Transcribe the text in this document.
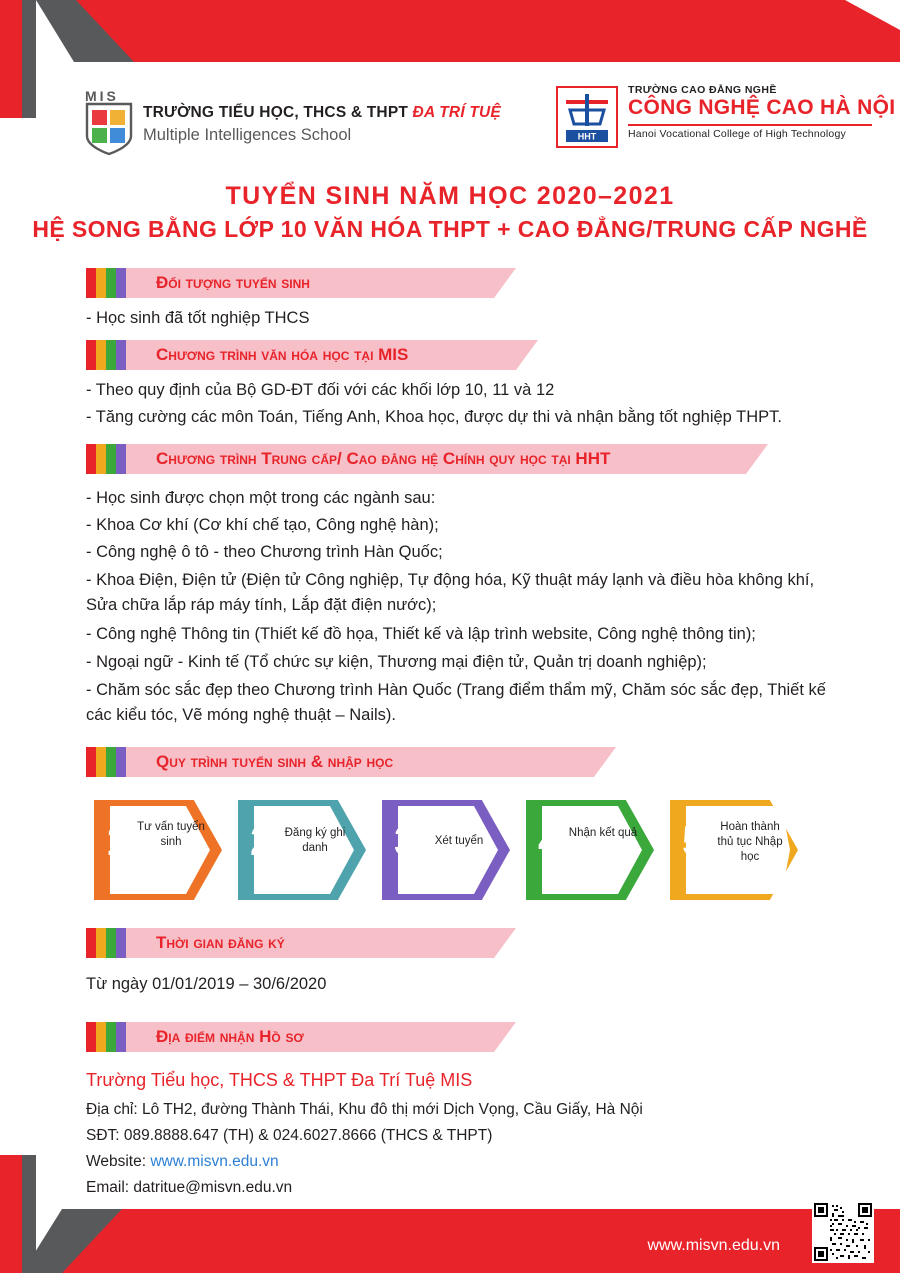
MIS
TRƯỜNG TIỂU HỌC, THCS & THPT ĐA TRÍ TUỆ
Multiple Intelligences School	HHT
TRƯỜNG CAO ĐẲNG NGHỀ
CÔNG NGHỆ CAO HÀ NỘI
Hanoi Vocational College of High Technology
TUYỂN SINH NĂM HỌC 2020–2021
HỆ SONG BẰNG LỚP 10 VĂN HÓA THPT + CAO ĐẲNG/TRUNG CẤP NGHỀ
Đối tượng tuyển sinh
- Học sinh đã tốt nghiệp THCS
Chương trình văn hóa học tại MIS
- Theo quy định của Bộ GD-ĐT đối với các khối lớp 10, 11 và 12
- Tăng cường các môn Toán, Tiếng Anh, Khoa học, được dự thi và nhận bằng tốt nghiệp THPT.
Chương trình Trung cấp/ Cao đẳng hệ Chính quy học tại HHT
- Học sinh được chọn một trong các ngành sau:
- Khoa Cơ khí (Cơ khí chế tạo, Công nghệ hàn);
- Công nghệ ô tô - theo Chương trình Hàn Quốc;
- Khoa Điện, Điện tử (Điện tử Công nghiệp, Tự động hóa, Kỹ thuật máy lạnh và điều hòa không khí, Sửa chữa lắp ráp máy tính, Lắp đặt điện nước);
- Công nghệ Thông tin (Thiết kế đồ họa, Thiết kế và lập trình website, Công nghệ thông tin);
- Ngoại ngữ - Kinh tế (Tổ chức sự kiện, Thương mại điện tử, Quản trị doanh nghiệp);
- Chăm sóc sắc đẹp theo Chương trình Hàn Quốc (Trang điểm thẩm mỹ, Chăm sóc sắc đẹp, Thiết kế các kiểu tóc, Vẽ móng nghệ thuật – Nails).
Quy trình tuyển sinh & nhập học
1 Tư vấn tuyển sinh	2 Đăng ký ghi danh	3	Xét tuyển 4 Nhận kết quả 5	Hoàn thành thủ tục Nhập học
Thời gian đăng ký
Từ ngày 01/01/2019 – 30/6/2020
Địa điểm nhận Hồ sơ
Trường Tiểu học, THCS & THPT Đa Trí Tuệ MIS
Địa chỉ: Lô TH2, đường Thành Thái, Khu đô thị mới Dịch Vọng, Cầu Giấy, Hà Nội
SĐT: 089.8888.647 (TH) & 024.6027.8666 (THCS & THPT)
Website: www.misvn.edu.vn
Email: datrituе@misvn.edu.vn
www.misvn.edu.vn
